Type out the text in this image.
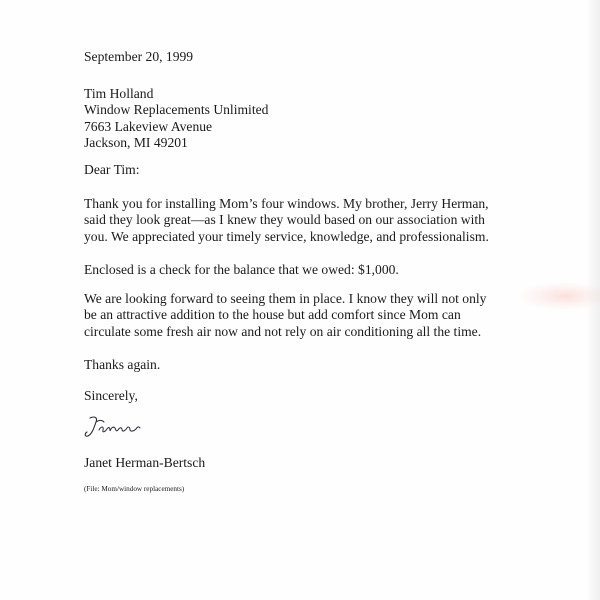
September 20, 1999
Tim Holland
Window Replacements Unlimited
7663 Lakeview Avenue
Jackson, MI 49201
Dear Tim:
Thank you for installing Mom’s four windows. My brother, Jerry Herman,
said they look great—as I knew they would based on our association with
you. We appreciated your timely service, knowledge, and professionalism.
Enclosed is a check for the balance that we owed: $1,000.
We are looking forward to seeing them in place. I know they will not only
be an attractive addition to the house but add comfort since Mom can
circulate some fresh air now and not rely on air conditioning all the time.
Thanks again.
Sincerely,
Janet Herman-Bertsch
(File: Mom/window replacements)
